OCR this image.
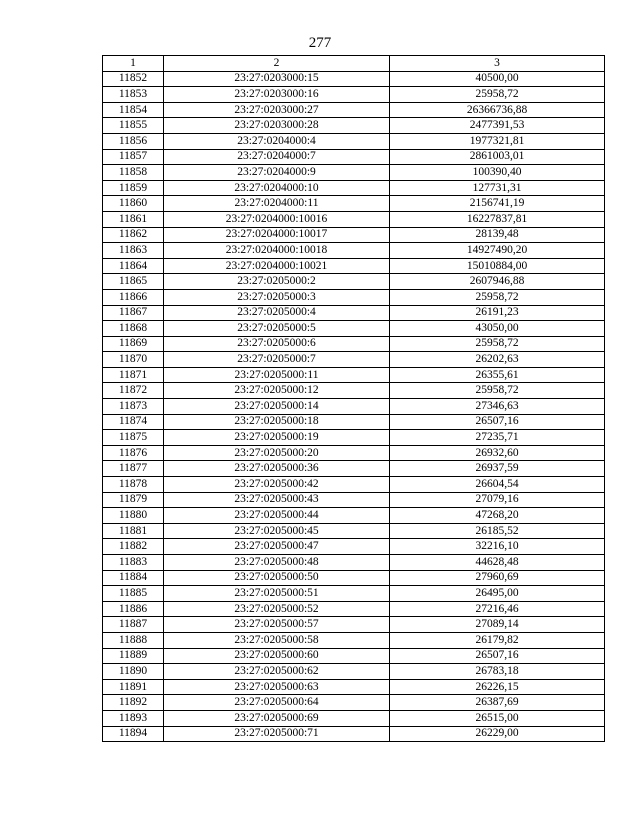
277
1	2	3
11852	23:27:0203000:15	40500,00
11853	23:27:0203000:16	25958,72
11854	23:27:0203000:27	26366736,88
11855	23:27:0203000:28	2477391,53
11856	23:27:0204000:4	1977321,81
11857	23:27:0204000:7	2861003,01
11858	23:27:0204000:9	100390,40
11859	23:27:0204000:10	127731,31
11860	23:27:0204000:11	2156741,19
11861	23:27:0204000:10016	16227837,81
11862	23:27:0204000:10017	28139,48
11863	23:27:0204000:10018	14927490,20
11864	23:27:0204000:10021	15010884,00
11865	23:27:0205000:2	2607946,88
11866	23:27:0205000:3	25958,72
11867	23:27:0205000:4	26191,23
11868	23:27:0205000:5	43050,00
11869	23:27:0205000:6	25958,72
11870	23:27:0205000:7	26202,63
11871	23:27:0205000:11	26355,61
11872	23:27:0205000:12	25958,72
11873	23:27:0205000:14	27346,63
11874	23:27:0205000:18	26507,16
11875	23:27:0205000:19	27235,71
11876	23:27:0205000:20	26932,60
11877	23:27:0205000:36	26937,59
11878	23:27:0205000:42	26604,54
11879	23:27:0205000:43	27079,16
11880	23:27:0205000:44	47268,20
11881	23:27:0205000:45	26185,52
11882	23:27:0205000:47	32216,10
11883	23:27:0205000:48	44628,48
11884	23:27:0205000:50	27960,69
11885	23:27:0205000:51	26495,00
11886	23:27:0205000:52	27216,46
11887	23:27:0205000:57	27089,14
11888	23:27:0205000:58	26179,82
11889	23:27:0205000:60	26507,16
11890	23:27:0205000:62	26783,18
11891	23:27:0205000:63	26226,15
11892	23:27:0205000:64	26387,69
11893	23:27:0205000:69	26515,00
11894	23:27:0205000:71	26229,00
